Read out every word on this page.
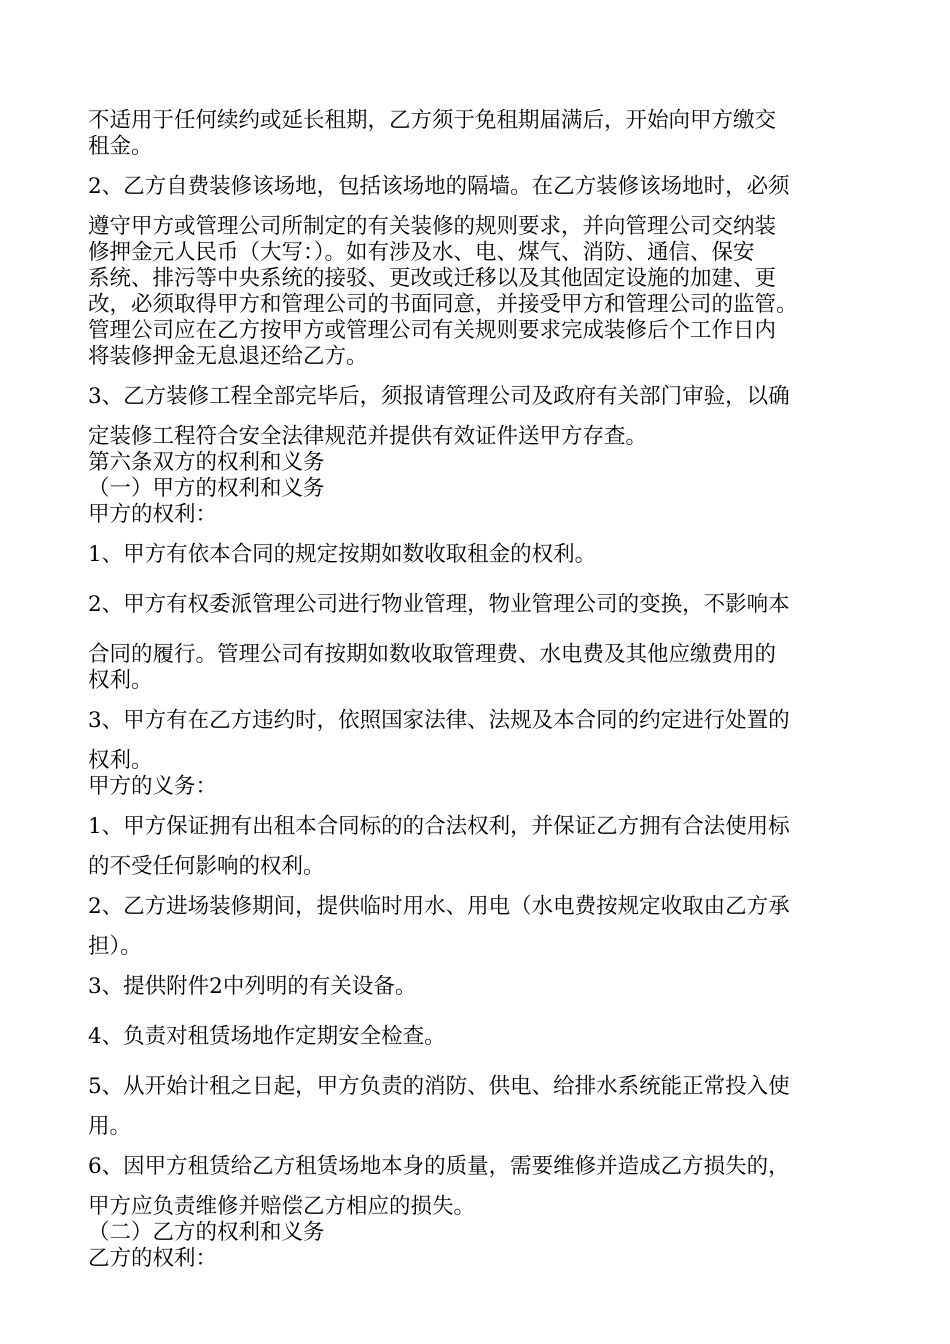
不适用于任何续约或延长租期，乙方须于免租期届满后，开始向甲方缴交
租金。
2、乙方自费装修该场地，包括该场地的隔墙。在乙方装修该场地时，必须
遵守甲方或管理公司所制定的有关装修的规则要求，并向管理公司交纳装
修押金元人民币（大写：）。如有涉及水、电、煤气、消防、通信、保安
系统、排污等中央系统的接驳、更改或迁移以及其他固定设施的加建、更
改，必须取得甲方和管理公司的书面同意，并接受甲方和管理公司的监管。
管理公司应在乙方按甲方或管理公司有关规则要求完成装修后个工作日内
将装修押金无息退还给乙方。
3、乙方装修工程全部完毕后，须报请管理公司及政府有关部门审验，以确
定装修工程符合安全法律规范并提供有效证件送甲方存查。
第六条双方的权利和义务
（一）甲方的权利和义务
甲方的权利：
1、甲方有依本合同的规定按期如数收取租金的权利。
2、甲方有权委派管理公司进行物业管理，物业管理公司的变换，不影响本
合同的履行。管理公司有按期如数收取管理费、水电费及其他应缴费用的
权利。
3、甲方有在乙方违约时，依照国家法律、法规及本合同的约定进行处置的
权利。
甲方的义务：
1、甲方保证拥有出租本合同标的的合法权利，并保证乙方拥有合法使用标
的不受任何影响的权利。
2、乙方进场装修期间，提供临时用水、用电（水电费按规定收取由乙方承
担）。
3、提供附件2中列明的有关设备。
4、负责对租赁场地作定期安全检查。
5、从开始计租之日起，甲方负责的消防、供电、给排水系统能正常投入使
用。
6、因甲方租赁给乙方租赁场地本身的质量，需要维修并造成乙方损失的，
甲方应负责维修并赔偿乙方相应的损失。
（二）乙方的权利和义务
乙方的权利：
